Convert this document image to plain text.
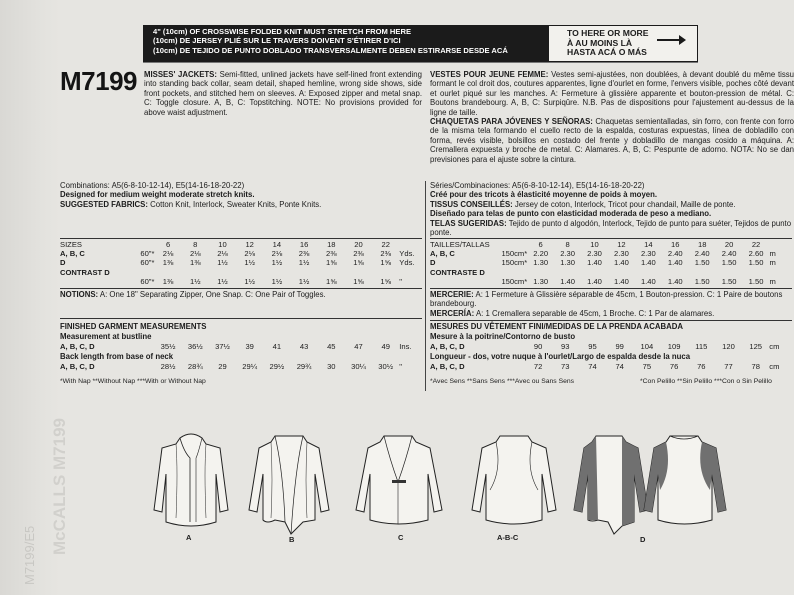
M7199/E5
McCALLS M7199
4" (10cm) OF CROSSWISE FOLDED KNIT MUST STRETCH FROM HERE
(10cm) DE JERSEY PLIÉ SUR LE TRAVERS DOIVENT S'ÉTIRER D'ICI
(10cm) DE TEJIDO DE PUNTO DOBLADO TRANSVERSALMENTE DEBEN ESTIRARSE DESDE ACÁ
TO HERE OR MORE
À AU MOINS LÀ
HASTA ACÁ O MÁS
M7199 MISSES' JACKETS: Semi-fitted, unlined jackets have self-lined front extending into standing back collar, seam detail, shaped hemline, wrong side shows, side front pockets, and stitched hem on sleeves. A: Exposed zipper and metal snap. C: Toggle closure. A, B, C: Topstitching. NOTE: No provisions provided for above waist adjustment.
VESTES POUR JEUNE FEMME: Vestes semi-ajustées, non doublées, à devant doublé du même tissu formant le col droit dos, coutures apparentes, ligne d'ourlet en forme, l'envers visible, poches côté devant et ourlet piqué sur les manches. A: Fermeture à glissière apparente et bouton-pression de métal. C: Boutons brandebourg. A, B, C: Surpiqûre. N.B. Pas de dispositions pour l'ajustement au-dessus de la ligne de taille.
CHAQUETAS PARA JÓVENES Y SEÑORAS: Chaquetas semientalladas, sin forro, con frente con forro de la misma tela formando el cuello recto de la espalda, costuras expuestas, línea de dobladillo con forma, revés visible, bolsillos en costado del frente y dobladillo de mangas cosido a máquina. A: Cremallera expuesta y broche de metal. C: Alamares. A, B, C: Pespunte de adorno. NOTA: No se dan previsiones para el ajuste sobre la cintura.
Combinations: A5(6-8-10-12-14), E5(14-16-18-20-22)
Designed for medium weight moderate stretch knits.
SUGGESTED FABRICS: Cotton Knit, Interlock, Sweater Knits, Ponte Knits.
SIZES		6	8	10	12	14	16	18	20	22	
A, B, C	60"*	2⅛	2⅛	2⅛	2⅛	2⅛	2⅜	2⅜	2⅜	2⅜	Yds.
D	60"*	1⅜	1⅜	1½	1½	1½	1½	1⅝	1⅝	1⅝	Yds.
CONTRAST D											
	60"*	1⅜	1½	1½	1½	1½	1½	1⅝	1⅝	1⅝	"
NOTIONS: A: One 18" Separating Zipper, One Snap. C: One Pair of Toggles.
FINISHED GARMENT MEASUREMENTS
Measurement at bustline
A, B, C, D		35½	36½	37½	39	41	43	45	47	49	Ins.
Back length from base of neck
A, B, C, D		28½	28¾	29	29¼	29½	29¾	30	30¼	30½	"
*With Nap **Without Nap ***With or Without Nap
Séries/Combinaciones: A5(6-8-10-12-14), E5(14-16-18-20-22)
Créé pour des tricots à élasticité moyenne de poids à moyen.
TISSUS CONSEILLÉS: Jersey de coton, Interlock, Tricot pour chandail, Maille de ponte.
Diseñado para telas de punto con elasticidad moderada de peso a mediano.
TELAS SUGERIDAS: Tejido de punto d algodón, Interlock, Tejido de punto para suéter, Tejidos de punto ponte.
TAILLES/TALLAS		6	8	10	12	14	16	18	20	22	
A, B, C	150cm*	2.20	2.30	2.30	2.30	2.30	2.40	2.40	2.40	2.60	m
D	150cm*	1.30	1.30	1.40	1.40	1.40	1.40	1.50	1.50	1.50	m
CONTRASTE D											
	150cm*	1.30	1.40	1.40	1.40	1.40	1.40	1.50	1.50	1.50	m
MERCERIE: A: 1 Fermeture à Glissière séparable de 45cm, 1 Bouton-pression. C: 1 Paire de boutons brandebourg.
MERCERÍA: A: 1 Cremallera separable de 45cm, 1 Broche. C: 1 Par de alamares.
MESURES DU VÊTEMENT FINI/MEDIDAS DE LA PRENDA ACABADA
Mesure à la poitrine/Contorno de busto
A, B, C, D		90	93	95	99	104	109	115	120	125	cm
Longueur - dos, votre nuque à l'ourlet/Largo de espalda desde la nuca
A, B, C, D		72	73	74	74	75	76	76	77	78	cm
*Avec Sens **Sans Sens ***Avec ou Sans Sens	*Con Pelillo **Sin Pelillo ***Con o Sin Pelillo
A	B	C	A-B-C	D
